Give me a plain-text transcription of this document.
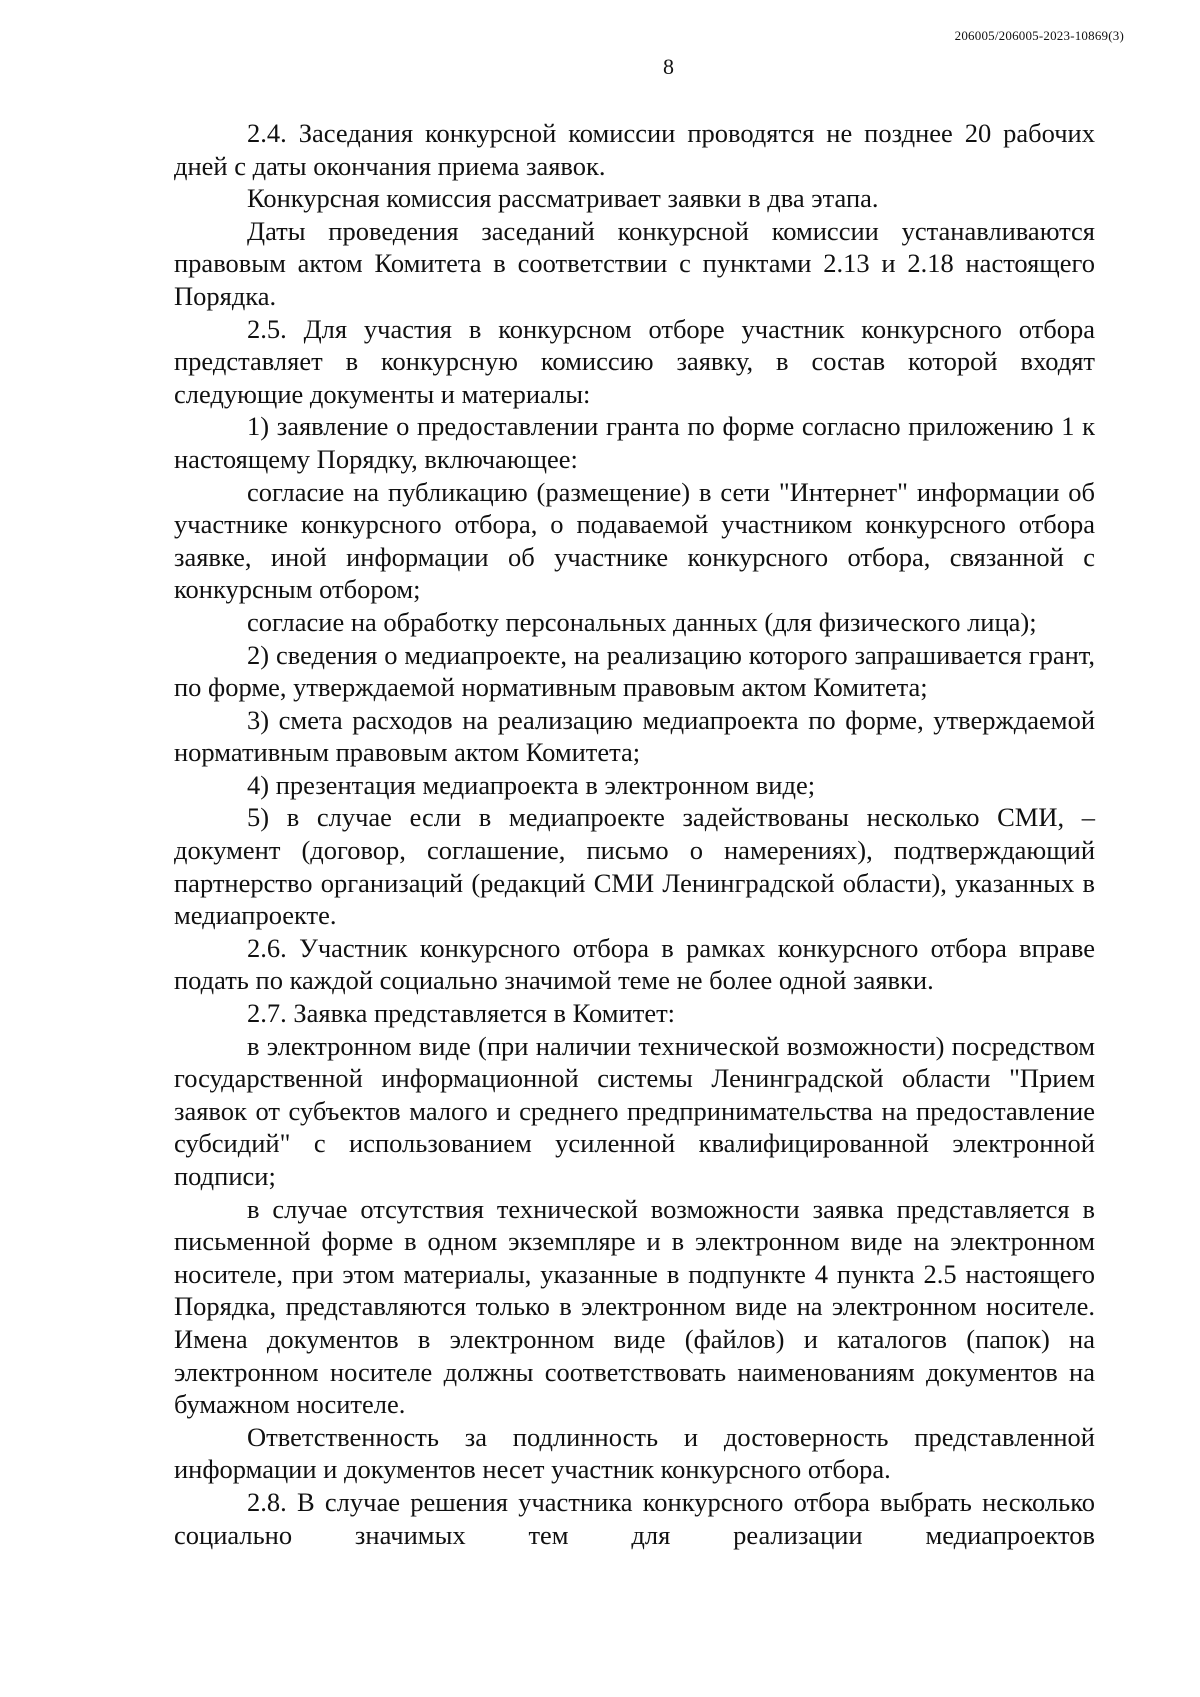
206005/206005-2023-10869(3)
8

2.4. Заседания конкурсной комиссии проводятся не позднее 20 рабочих дней с даты окончания приема заявок.

Конкурсная комиссия рассматривает заявки в два этапа.

Даты проведения заседаний конкурсной комиссии устанавливаются правовым актом Комитета в соответствии с пунктами 2.13 и 2.18 настоящего Порядка.

2.5. Для участия в конкурсном отборе участник конкурсного отбора представляет в конкурсную комиссию заявку, в состав которой входят следующие документы и материалы:

1) заявление о предоставлении гранта по форме согласно приложению 1 к настоящему Порядку, включающее:

согласие на публикацию (размещение) в сети "Интернет" информации об участнике конкурсного отбора, о подаваемой участником конкурсного отбора заявке, иной информации об участнике конкурсного отбора, связанной с конкурсным отбором;

согласие на обработку персональных данных (для физического лица);

2) сведения о медиапроекте, на реализацию которого запрашивается грант, по форме, утверждаемой нормативным правовым актом Комитета;

3) смета расходов на реализацию медиапроекта по форме, утверждаемой нормативным правовым актом Комитета;

4) презентация медиапроекта в электронном виде;

5) в случае если в медиапроекте задействованы несколько СМИ, – документ (договор, соглашение, письмо о намерениях), подтверждающий партнерство организаций (редакций СМИ Ленинградской области), указанных в медиапроекте.

2.6. Участник конкурсного отбора в рамках конкурсного отбора вправе подать по каждой социально значимой теме не более одной заявки.

2.7. Заявка представляется в Комитет:

в электронном виде (при наличии технической возможности) посредством государственной информационной системы Ленинградской области "Прием заявок от субъектов малого и среднего предпринимательства на предоставление субсидий" с использованием усиленной квалифицированной электронной подписи;

в случае отсутствия технической возможности заявка представляется в письменной форме в одном экземпляре и в электронном виде на электронном носителе, при этом материалы, указанные в подпункте 4 пункта 2.5 настоящего Порядка, представляются только в электронном виде на электронном носителе. Имена документов в электронном виде (файлов) и каталогов (папок) на электронном носителе должны соответствовать наименованиям документов на бумажном носителе.

Ответственность за подлинность и достоверность представленной информации и документов несет участник конкурсного отбора.

2.8. В случае решения участника конкурсного отбора выбрать несколько социально значимых тем для реализации медиапроектов
